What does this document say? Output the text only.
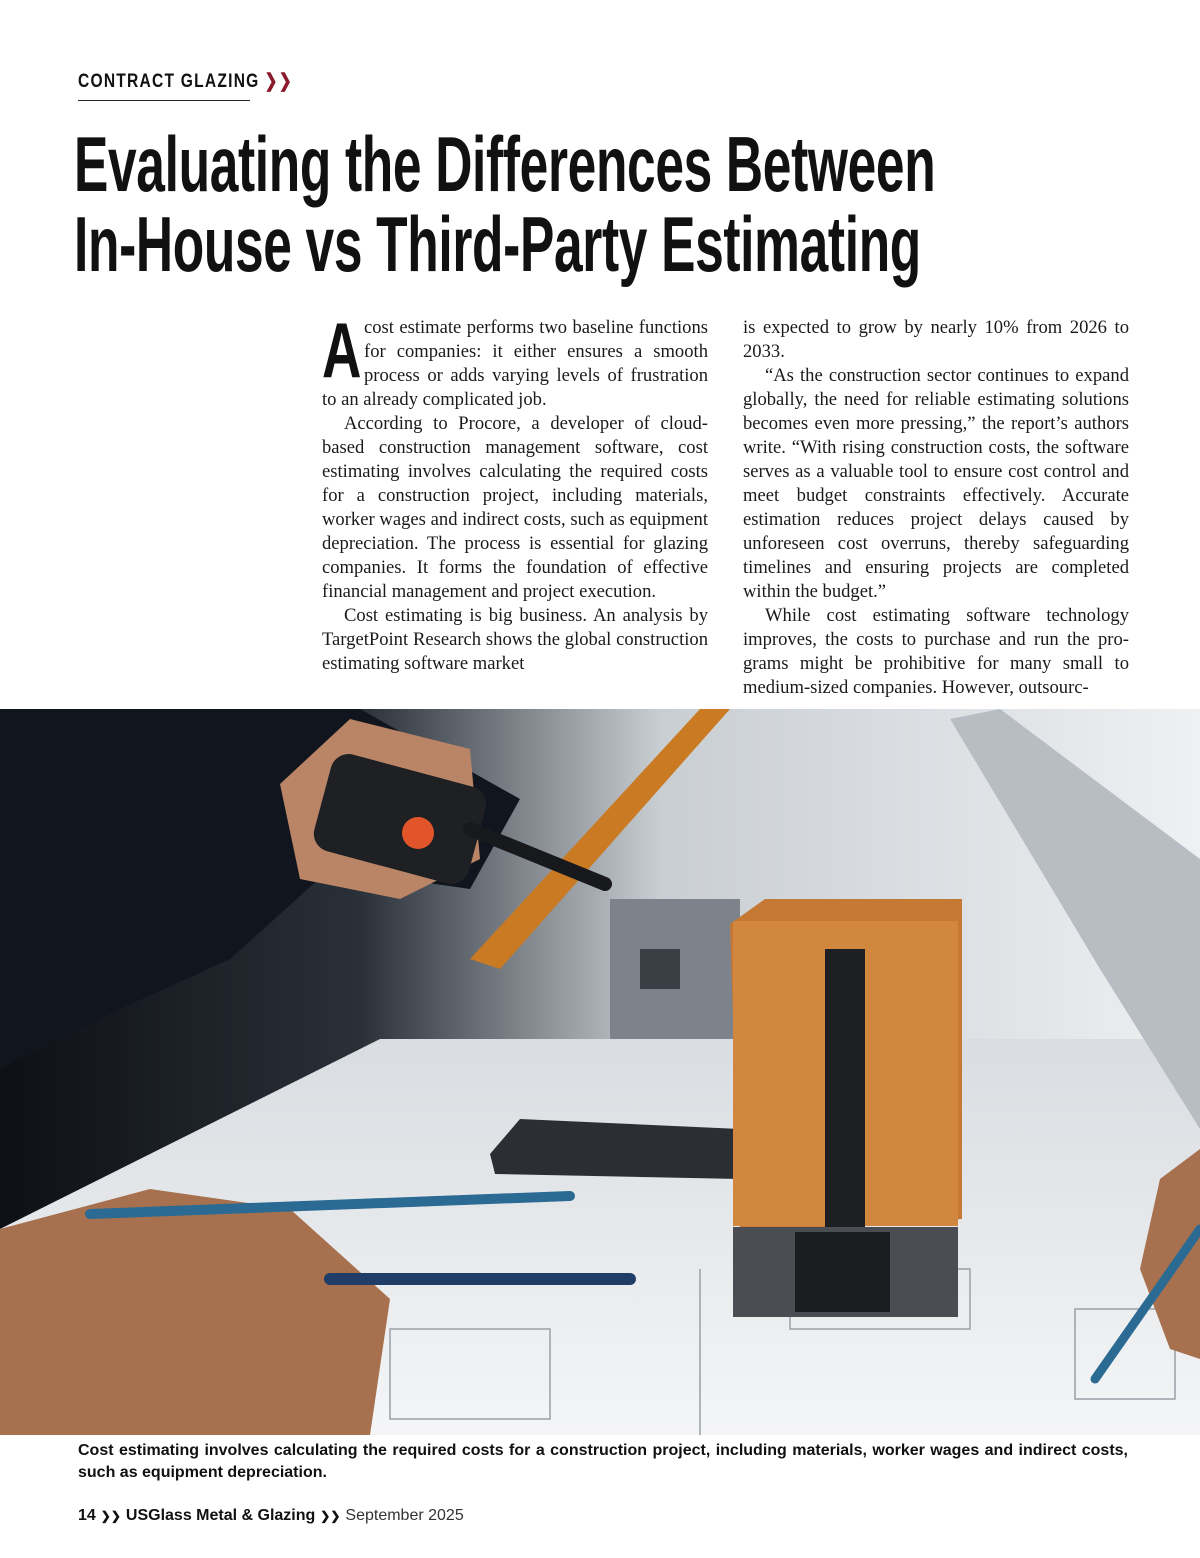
CONTRACT GLAZING ❯❯
Evaluating the Differences Between
In-House vs Third-Party Estimating

Acost estimate performs two baseline functions for companies: it either ensures a smooth process or adds varying levels of frustration to an already complicated job.

According to Procore, a developer of cloud-based construction management software, cost estimating involves calculating the required costs for a construction project, including materials, worker wages and indirect costs, such as equipment depreciation. The process is essential for glazing companies. It forms the foundation of effective financial management and project execution.

Cost estimating is big business. An analysis by TargetPoint Research shows the global construction estimating software market

is expected to grow by nearly 10% from 2026 to 2033.

“As the construction sector continues to expand globally, the need for reliable estimating solutions becomes even more pressing,” the report’s authors write. “With rising construction costs, the software serves as a valuable tool to ensure cost control and meet budget constraints effectively. Accurate estimation reduces project delays caused by unforeseen cost overruns, thereby safeguarding timelines and ensuring projects are completed within the budget.”

While cost estimating software technology improves, the costs to purchase and run the programs might be prohibitive for many small to medium-sized companies. However, outsourc-

Cost estimating involves calculating the required costs for a construction project, including materials, worker wages and indirect costs, such as equipment depreciation.

14 ❯❯ USGlass Metal & Glazing ❯❯ September 2025
